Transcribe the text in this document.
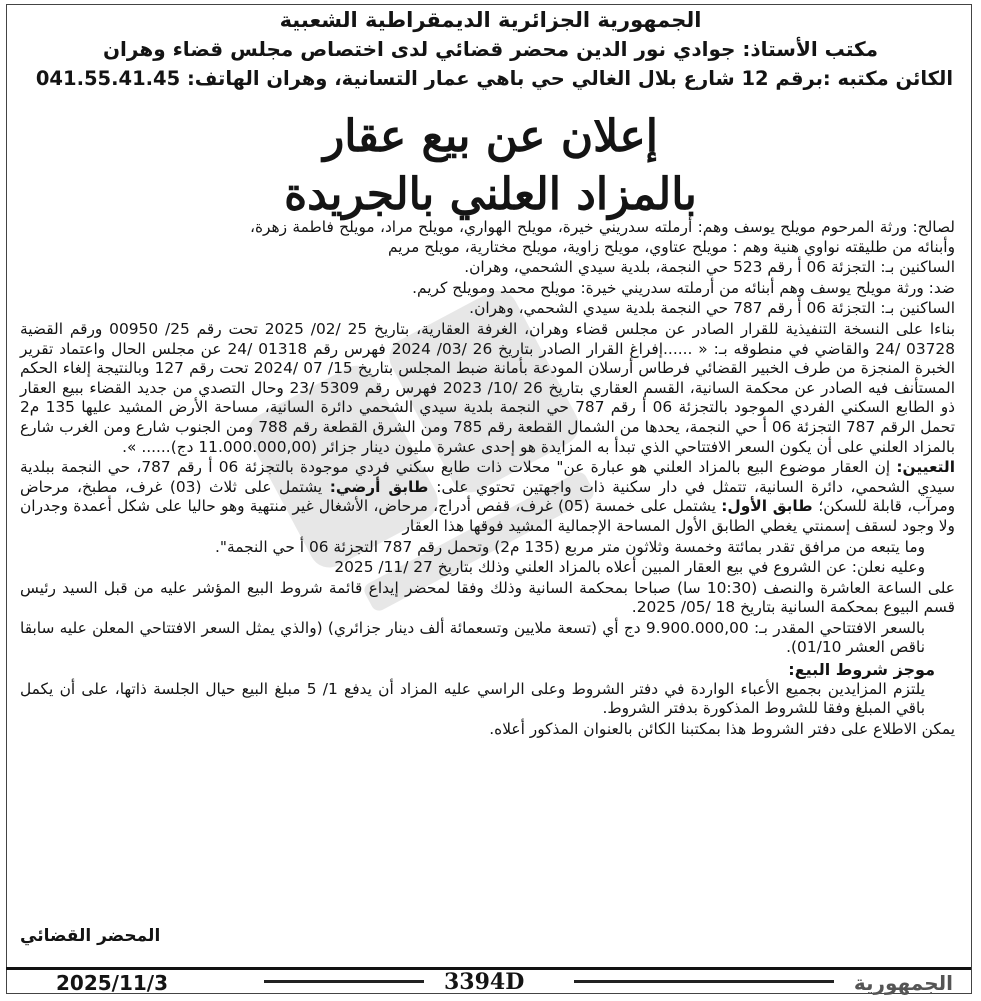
الجمهورية الجزائرية الديمقراطية الشعبية
مكتب الأستاذ: جوادي نور الدين محضر قضائي لدى اختصاص مجلس قضاء وهران
الكائن مكتبه :برقم 12 شارع بلال الغالي حي باهي عمار التسانية، وهران الهاتف: 041.55.41.45
إعلان عن بيع عقار
بالمزاد العلني بالجريدة

لصالح: ورثة المرحوم مويلح يوسف وهم: أرملته سدريني خيرة، مويلح الهواري، مويلح مراد، مويلح فاطمة زهرة، وأبنائه من طليقته نواوي هنية وهم : مويلح عتاوي، مويلح زاوية، مويلح مختارية، مويلح مريم

الساكنين بـ: التجزئة 06 أ رقم 523 حي النجمة، بلدية سيدي الشحمي، وهران.

ضد: ورثة مويلح يوسف وهم أبنائه من أرملته سدريني خيرة: مويلح محمد ومويلح كريم.

الساكنين بـ: التجزئة 06 أ رقم 787 حي النجمة بلدية سيدي الشحمي، وهران.

بناءا على النسخة التنفيذية للقرار الصادر عن مجلس قضاء وهران، الغرفة العقارية، بتاريخ 25 /02/ 2025 تحت رقم 25/ 00950 ورقم القضية 03728 /24 والقاضي في منطوقه بـ: « ......إفراغ القرار الصادر بتاريخ 26 /03/ 2024 فهرس رقم 01318 /24 عن مجلس الحال واعتماد تقرير الخبرة المنجزة من طرف الخبير القضائي فرطاس أرسلان المودعة بأمانة ضبط المجلس بتاريخ 15/ 07 /2024 تحت رقم 127 وبالنتيجة إلغاء الحكم المستأنف فيه الصادر عن محكمة السانية، القسم العقاري بتاريخ 26 /10/ 2023 فهرس رقم 5309 /23 وحال التصدي من جديد القضاء ببيع العقار ذو الطابع السكني الفردي الموجود بالتجزئة 06 أ رقم 787 حي النجمة بلدية سيدي الشحمي دائرة السانية، مساحة الأرض المشيد عليها 135 م2 تحمل الرقم 787 التجزئة 06 أ حي النجمة، يحدها من الشمال القطعة رقم 785 ومن الشرق القطعة رقم 788 ومن الجنوب شارع ومن الغرب شارع بالمزاد العلني على أن يكون السعر الافتتاحي الذي تبدأ به المزايدة هو إحدى عشرة مليون دينار جزائر (11.000.000,00 دج)...... ».

التعيين: إن العقار موضوع البيع بالمزاد العلني هو عبارة عن" محلات ذات طابع سكني فردي موجودة بالتجزئة 06 أ رقم 787، حي النجمة ببلدية سيدي الشحمي، دائرة السانية، تتمثل في دار سكنية ذات واجهتين تحتوي على: طابق أرضي: يشتمل على ثلاث (03) غرف، مطبخ، مرحاض ومرآب، قابلة للسكن؛ طابق الأول: يشتمل على خمسة (05) غرف، قفص أدراج، مرحاض، الأشغال غير منتهية وهو حاليا على شكل أعمدة وجدران ولا وجود لسقف إسمنتي يغطي الطابق الأول المساحة الإجمالية المشيد فوقها هذا العقار

وما يتبعه من مرافق تقدر بمائتة وخمسة وثلاثون متر مربع (135 م2) وتحمل رقم 787 التجزئة 06 أ حي النجمة".

وعليه نعلن: عن الشروع في بيع العقار المبين أعلاه بالمزاد العلني وذلك بتاريخ 27 /11/ 2025

على الساعة العاشرة والنصف (10:30 سا) صباحا بمحكمة السانية وذلك وفقا لمحضر إيداع قائمة شروط البيع المؤشر عليه من قبل السيد رئيس قسم البيوع بمحكمة السانية بتاريخ 18 /05/ 2025.

بالسعر الافتتاحي المقدر بـ: 9.900.000,00 دج أي (تسعة ملايين وتسعمائة ألف دينار جزائري) (والذي يمثل السعر الافتتاحي المعلن عليه سابقا ناقص العشر 01/10).

موجز شروط البيع:

يلتزم المزايدين بجميع الأعباء الواردة في دفتر الشروط وعلى الراسي عليه المزاد أن يدفع 1/ 5 مبلغ البيع حيال الجلسة ذاتها، على أن يكمل باقي المبلغ وفقا للشروط المذكورة بدفتر الشروط.

يمكن الاطلاع على دفتر الشروط هذا بمكتبنا الكائن بالعنوان المذكور أعلاه.

المحضر القضائي
2025/11/3	3394D	الجمهورية
